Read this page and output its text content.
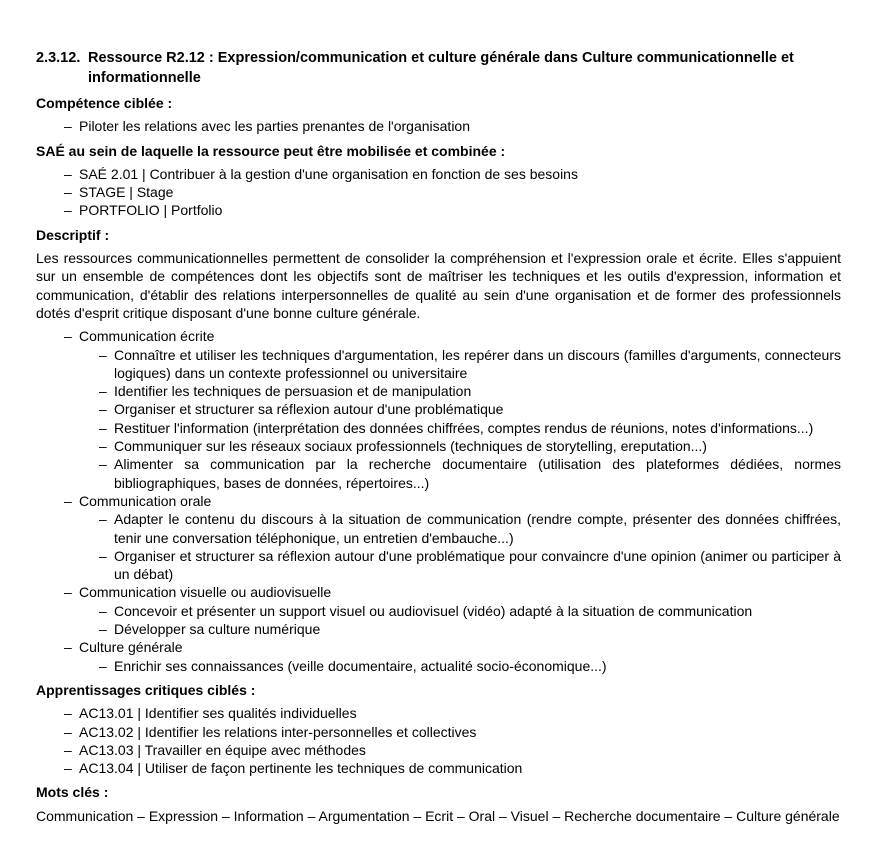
2.3.12. Ressource R2.12 : Expression/communication et culture générale dans Culture communicationnelle et informationnelle

Compétence ciblée :

– Piloter les relations avec les parties prenantes de l'organisation

SAÉ au sein de laquelle la ressource peut être mobilisée et combinée :

– SAÉ 2.01 | Contribuer à la gestion d'une organisation en fonction de ses besoins
– STAGE | Stage
– PORTFOLIO | Portfolio

Descriptif :

Les ressources communicationnelles permettent de consolider la compréhension et l'expression orale et écrite. Elles s'appuient sur un ensemble de compétences dont les objectifs sont de maîtriser les techniques et les outils d'expression, information et communication, d'établir des relations interpersonnelles de qualité au sein d'une organisation et de former des professionnels dotés d'esprit critique disposant d'une bonne culture générale.

– Communication écrite
– Connaître et utiliser les techniques d'argumentation, les repérer dans un discours (familles d'arguments, connecteurs logiques) dans un contexte professionnel ou universitaire
– Identifier les techniques de persuasion et de manipulation
– Organiser et structurer sa réflexion autour d'une problématique
– Restituer l'information (interprétation des données chiffrées, comptes rendus de réunions, notes d'informations...)
– Communiquer sur les réseaux sociaux professionnels (techniques de storytelling, ereputation...)
– Alimenter sa communication par la recherche documentaire (utilisation des plateformes dédiées, normes bibliographiques, bases de données, répertoires...)
– Communication orale
– Adapter le contenu du discours à la situation de communication (rendre compte, présenter des données chiffrées, tenir une conversation téléphonique, un entretien d'embauche...)
– Organiser et structurer sa réflexion autour d'une problématique pour convaincre d'une opinion (animer ou participer à un débat)
– Communication visuelle ou audiovisuelle
– Concevoir et présenter un support visuel ou audiovisuel (vidéo) adapté à la situation de communication
– Développer sa culture numérique
– Culture générale
– Enrichir ses connaissances (veille documentaire, actualité socio-économique...)

Apprentissages critiques ciblés :

– AC13.01 | Identifier ses qualités individuelles
– AC13.02 | Identifier les relations inter-personnelles et collectives
– AC13.03 | Travailler en équipe avec méthodes
– AC13.04 | Utiliser de façon pertinente les techniques de communication

Mots clés :

Communication – Expression – Information – Argumentation – Ecrit – Oral – Visuel – Recherche documentaire – Culture générale
